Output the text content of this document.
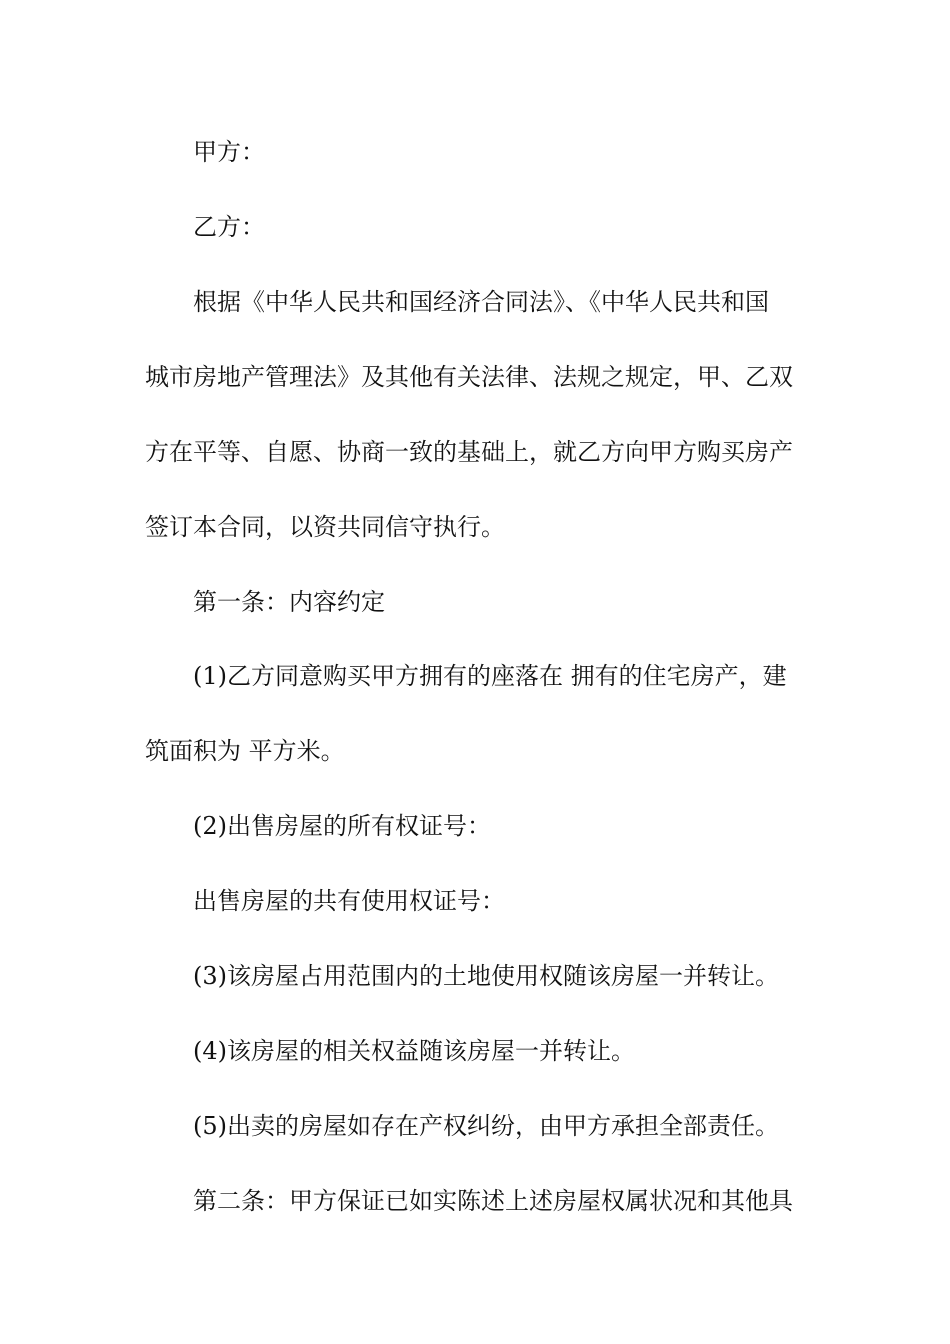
甲方：
乙方：
根据《中华人民共和国经济合同法》、《中华人民共和国
城市房地产管理法》及其他有关法律、法规之规定，甲、乙双
方在平等、自愿、协商一致的基础上，就乙方向甲方购买房产
签订本合同，以资共同信守执行。
第一条：内容约定
(1)乙方同意购买甲方拥有的座落在 拥有的住宅房产，建
筑面积为 平方米。
(2)出售房屋的所有权证号：
出售房屋的共有使用权证号：
(3)该房屋占用范围内的土地使用权随该房屋一并转让。
(4)该房屋的相关权益随该房屋一并转让。
(5)出卖的房屋如存在产权纠纷，由甲方承担全部责任。
第二条：甲方保证已如实陈述上述房屋权属状况和其他具
